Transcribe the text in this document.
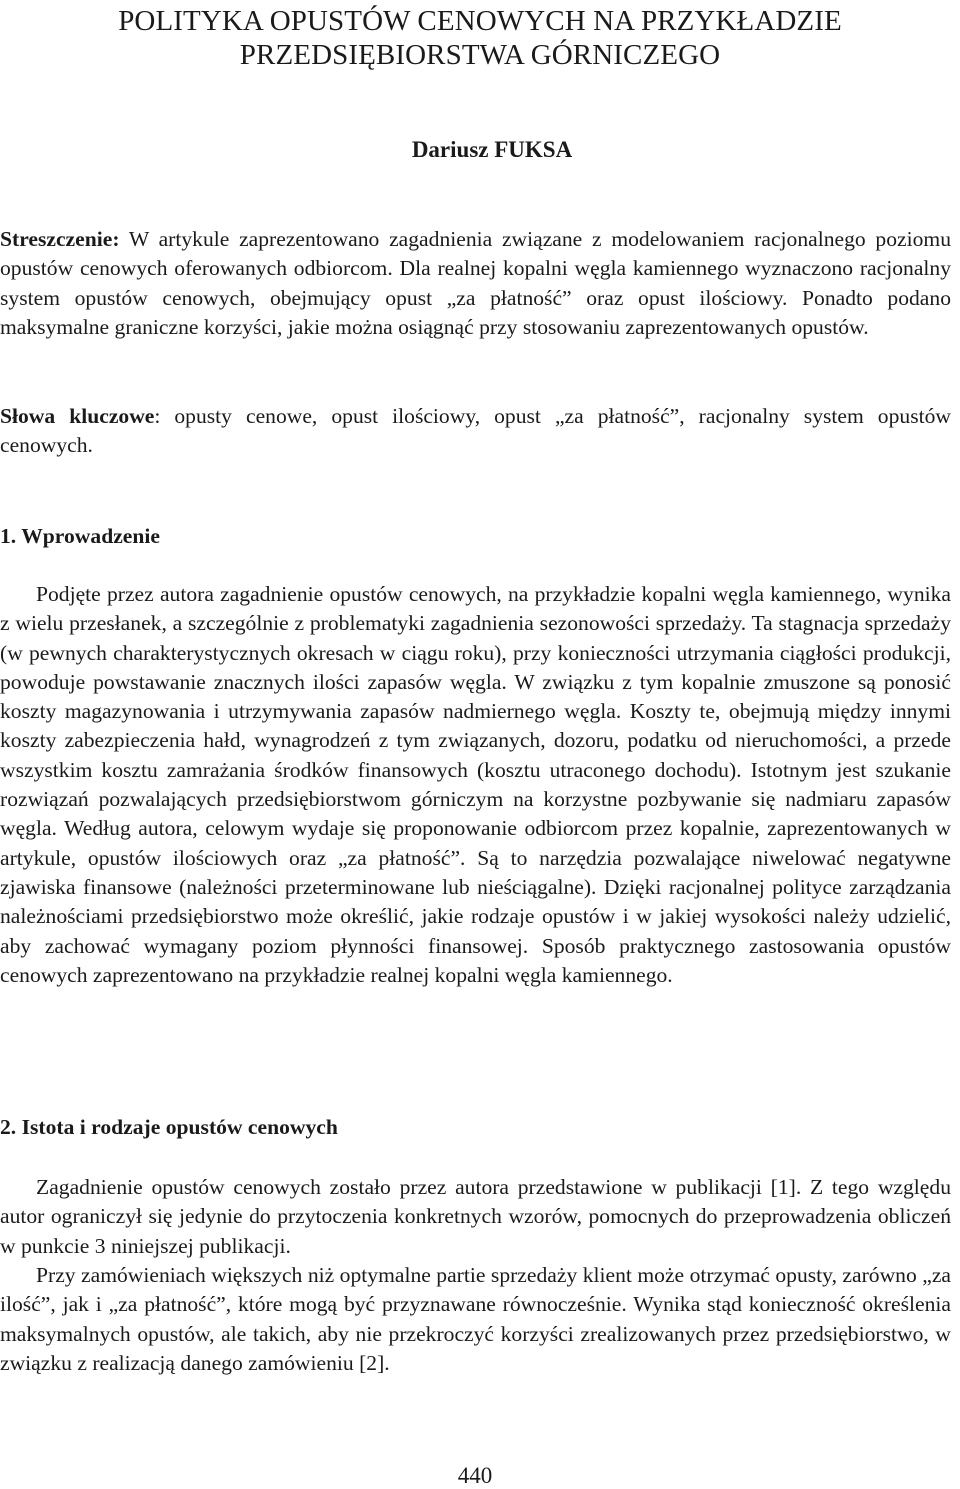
POLITYKA OPUSTÓW CENOWYCH NA PRZYKŁADZIE
PRZEDSIĘBIORSTWA GÓRNICZEGO
Dariusz FUKSA

Streszczenie: W artykule zaprezentowano zagadnienia związane z modelowaniem racjonalnego poziomu opustów cenowych oferowanych odbiorcom. Dla realnej kopalni węgla kamiennego wyznaczono racjonalny system opustów cenowych, obejmujący opust „za płatność” oraz opust ilościowy. Ponadto podano maksymalne graniczne korzyści, jakie można osiągnąć przy stosowaniu zaprezentowanych opustów.

Słowa kluczowe: opusty cenowe, opust ilościowy, opust „za płatność”, racjonalny system opustów cenowych.

1. Wprowadzenie

Podjęte przez autora zagadnienie opustów cenowych, na przykładzie kopalni węgla kamiennego, wynika z wielu przesłanek, a szczególnie z problematyki zagadnienia sezonowości sprzedaży. Ta stagnacja sprzedaży (w pewnych charakterystycznych okresach w ciągu roku), przy konieczności utrzymania ciągłości produkcji, powoduje powstawanie znacznych ilości zapasów węgla. W związku z tym kopalnie zmuszone są ponosić koszty magazynowania i utrzymywania zapasów nadmiernego węgla. Koszty te, obejmują między innymi koszty zabezpieczenia hałd, wynagrodzeń z tym związanych, dozoru, podatku od nieruchomości, a przede wszystkim kosztu zamrażania środków finansowych (kosztu utraconego dochodu). Istotnym jest szukanie rozwiązań pozwalających przedsiębiorstwom górniczym na korzystne pozbywanie się nadmiaru zapasów węgla. Według autora, celowym wydaje się proponowanie odbiorcom przez kopalnie, zaprezentowanych w artykule, opustów ilościowych oraz „za płatność”. Są to narzędzia pozwalające niwelować negatywne zjawiska finansowe (należności przeterminowane lub nieściągalne). Dzięki racjonalnej polityce zarządzania należnościami przedsiębiorstwo może określić, jakie rodzaje opustów i w jakiej wysokości należy udzielić, aby zachować wymagany poziom płynności finansowej. Sposób praktycznego zastosowania opustów cenowych zaprezentowano na przykładzie realnej kopalni węgla kamiennego.

2. Istota i rodzaje opustów cenowych

Zagadnienie opustów cenowych zostało przez autora przedstawione w publikacji [1]. Z tego względu autor ograniczył się jedynie do przytoczenia konkretnych wzorów, pomocnych do przeprowadzenia obliczeń w punkcie 3 niniejszej publikacji.

Przy zamówieniach większych niż optymalne partie sprzedaży klient może otrzymać opusty, zarówno „za ilość”, jak i „za płatność”, które mogą być przyznawane równocześnie. Wynika stąd konieczność określenia maksymalnych opustów, ale takich, aby nie przekroczyć korzyści zrealizowanych przez przedsiębiorstwo, w związku z realizacją danego zamówieniu [2].

440
